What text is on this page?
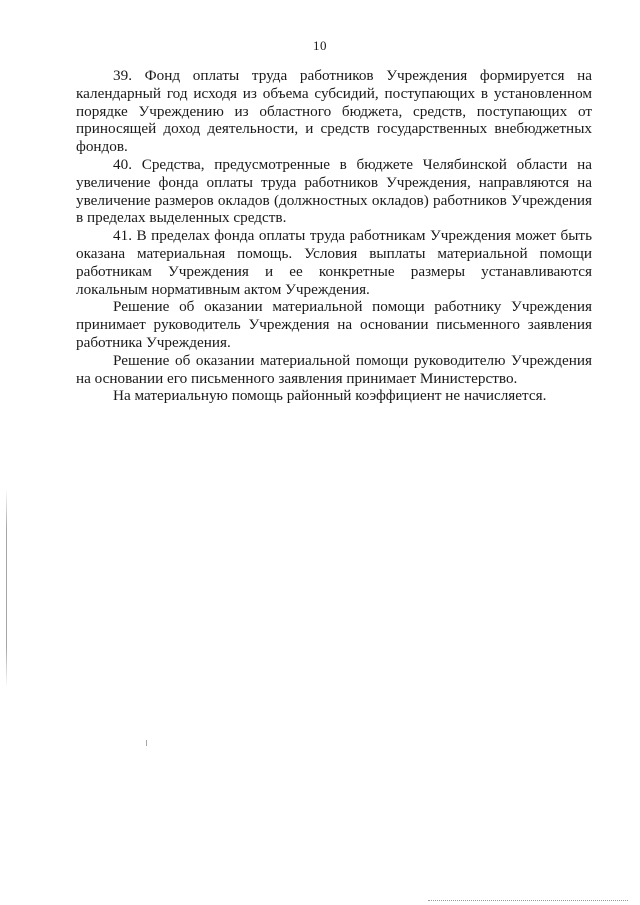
10

39. Фонд оплаты труда работников Учреждения формируется на календарный год исходя из объема субсидий, поступающих в установленном порядке Учреждению из областного бюджета, средств, поступающих от приносящей доход деятельности, и средств государственных внебюджетных фондов.

40. Средства, предусмотренные в бюджете Челябинской области на увеличение фонда оплаты труда работников Учреждения, направляются на увеличение размеров окладов (должностных окладов) работников Учреждения в пределах выделенных средств.

41. В пределах фонда оплаты труда работникам Учреждения может быть оказана материальная помощь. Условия выплаты материальной помощи работникам Учреждения и ее конкретные размеры устанавливаются локальным нормативным актом Учреждения.

Решение об оказании материальной помощи работнику Учреждения принимает руководитель Учреждения на основании письменного заявления работника Учреждения.

Решение об оказании материальной помощи руководителю Учреждения на основании его письменного заявления принимает Министерство.

На материальную помощь районный коэффициент не начисляется.
